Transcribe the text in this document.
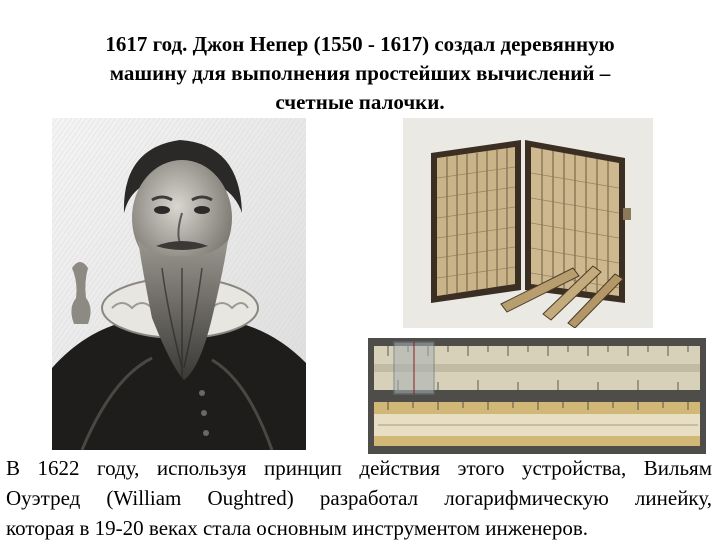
1617 год. Джон Непер (1550 - 1617) создал деревянную
машину для выполнения простейших вычислений –
счетные палочки.

В 1622 году, используя принцип действия этого устройства, Вильям
Оуэтред (William Oughtred) разработал логарифмическую линейку,
которая в 19-20 веках стала основным инструментом инженеров.
